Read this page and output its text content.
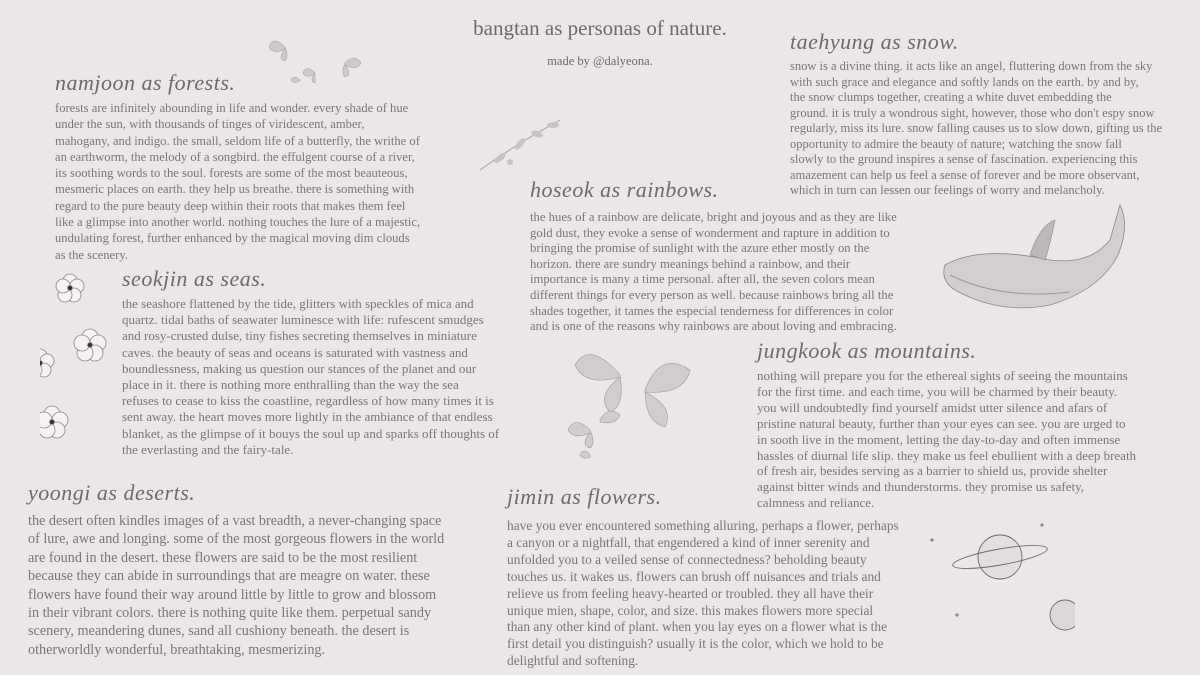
bangtan as personas of nature.
made by @dalyeona.
namjoon as forests.
forests are infinitely abounding in life and wonder. every shade of hue
under the sun, with thousands of tinges of viridescent, amber,
mahogany, and indigo. the small, seldom life of a butterfly, the writhe of
an earthworm, the melody of a songbird. the effulgent course of a river,
its soothing words to the soul. forests are some of the most beauteous,
mesmeric places on earth. they help us breathe. there is something with
regard to the pure beauty deep within their roots that makes them feel
like a glimpse into another world. nothing touches the lure of a majestic,
undulating forest, further enhanced by the magical moving dim clouds
as the scenery.
seokjin as seas.
the seashore flattened by the tide, glitters with speckles of mica and
quartz. tidal baths of seawater luminesce with life: rufescent smudges
and rosy-crusted dulse, tiny fishes secreting themselves in miniature
caves. the beauty of seas and oceans is saturated with vastness and
boundlessness, making us question our stances of the planet and our
place in it. there is nothing more enthralling than the way the sea
refuses to cease to kiss the coastline, regardless of how many times it is
sent away. the heart moves more lightly in the ambiance of that endless
blanket, as the glimpse of it bouys the soul up and sparks off thoughts of
the everlasting and the fairy-tale.
yoongi as deserts.
the desert often kindles images of a vast breadth, a never-changing space
of lure, awe and longing. some of the most gorgeous flowers in the world
are found in the desert. these flowers are said to be the most resilient
because they can abide in surroundings that are meagre on water. these
flowers have found their way around little by little to grow and blossom
in their vibrant colors. there is nothing quite like them. perpetual sandy
scenery, meandering dunes, sand all cushiony beneath. the desert is
otherworldly wonderful, breathtaking, mesmerizing.
hoseok as rainbows.
the hues of a rainbow are delicate, bright and joyous and as they are like
gold dust, they evoke a sense of wonderment and rapture in addition to
bringing the promise of sunlight with the azure ether mostly on the
horizon. there are sundry meanings behind a rainbow, and their
importance is many a time personal. after all, the seven colors mean
different things for every person as well. because rainbows bring all the
shades together, it tames the especial tenderness for differences in color
and is one of the reasons why rainbows are about loving and embracing.
taehyung as snow.
snow is a divine thing. it acts like an angel, fluttering down from the sky
with such grace and elegance and softly lands on the earth. by and by,
the snow clumps together, creating a white duvet embedding the
ground. it is truly a wondrous sight, however, those who don't espy snow
regularly, miss its lure. snow falling causes us to slow down, gifting us the
opportunity to admire the beauty of nature; watching the snow fall
slowly to the ground inspires a sense of fascination. experiencing this
amazement can help us feel a sense of forever and be more observant,
which in turn can lessen our feelings of worry and melancholy.
jungkook as mountains.
nothing will prepare you for the ethereal sights of seeing the mountains
for the first time. and each time, you will be charmed by their beauty.
you will undoubtedly find yourself amidst utter silence and afars of
pristine natural beauty, further than your eyes can see. you are urged to
in sooth live in the moment, letting the day-to-day and often immense
hassles of diurnal life slip. they make us feel ebullient with a deep breath
of fresh air, besides serving as a barrier to shield us, provide shelter
against bitter winds and thunderstorms. they promise us safety,
calmness and reliance.
jimin as flowers.
have you ever encountered something alluring, perhaps a flower, perhaps
a canyon or a nightfall, that engendered a kind of inner serenity and
unfolded you to a veiled sense of connectedness? beholding beauty
touches us. it wakes us. flowers can brush off nuisances and trials and
relieve us from feeling heavy-hearted or troubled. they all have their
unique mien, shape, color, and size. this makes flowers more special
than any other kind of plant. when you lay eyes on a flower what is the
first detail you distinguish? usually it is the color, which we hold to be
delightful and softening.
